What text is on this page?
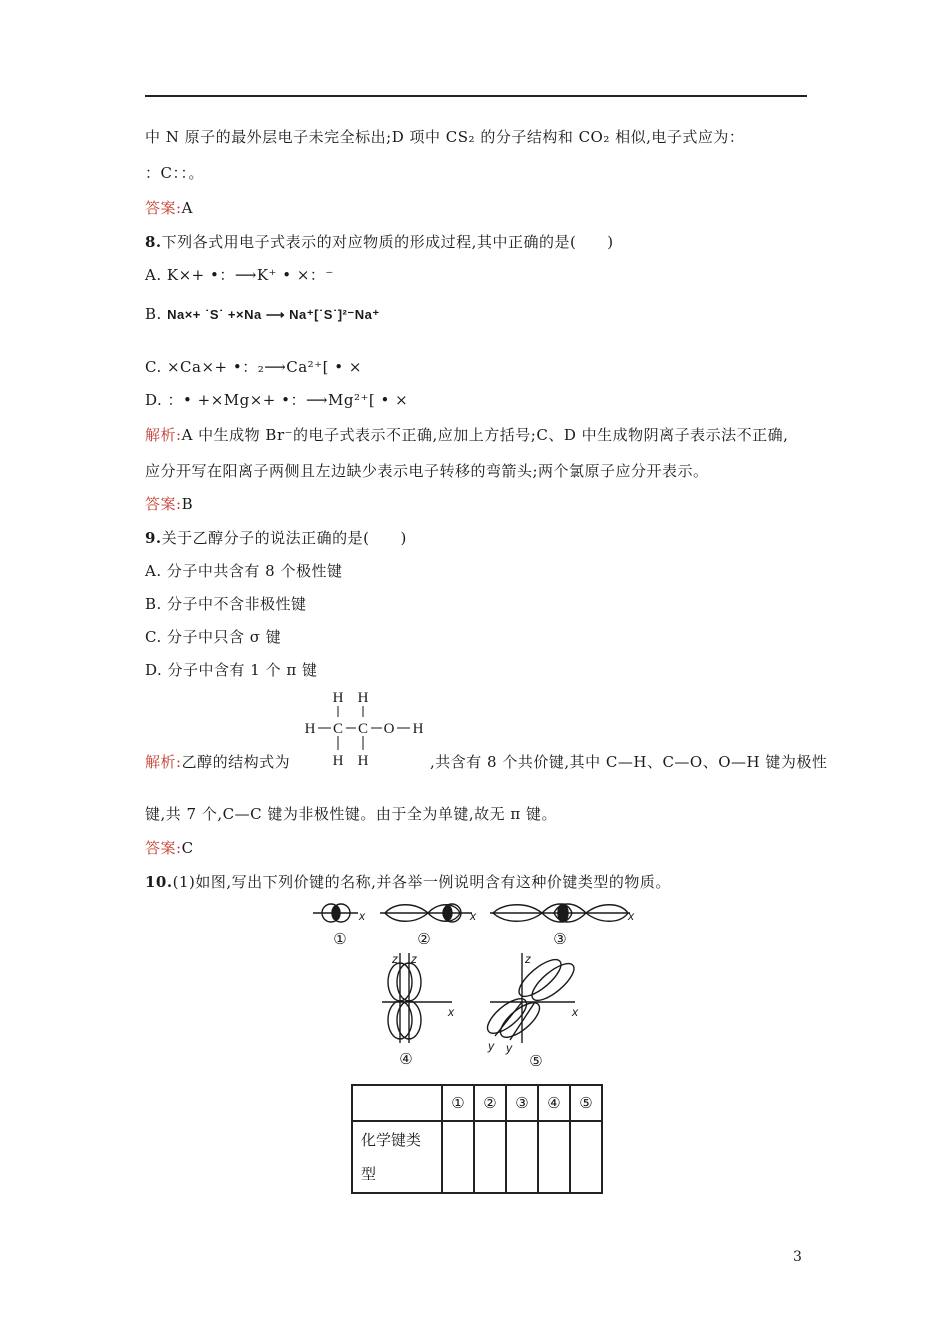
中 N 原子的最外层电子未完全标出;D 项中 CS₂ 的分子结构和 CO₂ 相似,电子式应为：
：C：：。
答案:A
8.下列各式用电子式表示的对应物质的形成过程,其中正确的是(　　)
A. K×+ •：⟶K⁺ • ×：⁻
B. Na×+ ˙S˙ +×Na ⟶ Na⁺[˙S˙]²⁻Na⁺
C. ×Ca×+ •：₂⟶Ca²⁺[ • ×
D. ：• +×Mg×+ •：⟶Mg²⁺[ • ×
解析:A 中生成物 Br⁻的电子式表示不正确,应加上方括号;C、D 中生成物阴离子表示法不正确,
应分开写在阳离子两侧且左边缺少表示电子转移的弯箭头;两个氯原子应分开表示。
答案:B
9.关于乙醇分子的说法正确的是(　　)
A. 分子中共含有 8 个极性键
B. 分子中不含非极性键
C. 分子中只含 σ 键
D. 分子中含有 1 个 π 键
H H
H C C O H
H H
解析:乙醇的结构式为	,共含有 8 个共价键,其中 C—H、C—O、O—H 键为极性
键,共 7 个,C—C 键为非极性键。由于全为单键,故无 π 键。
答案:C
10.(1)如图,写出下列价键的名称,并各举一例说明含有这种价键类型的物质。
x	x	x
z z
x
z
x
y y
①	②	③
④	⑤
	①	②	③	④	⑤
化学键类
型					
3
